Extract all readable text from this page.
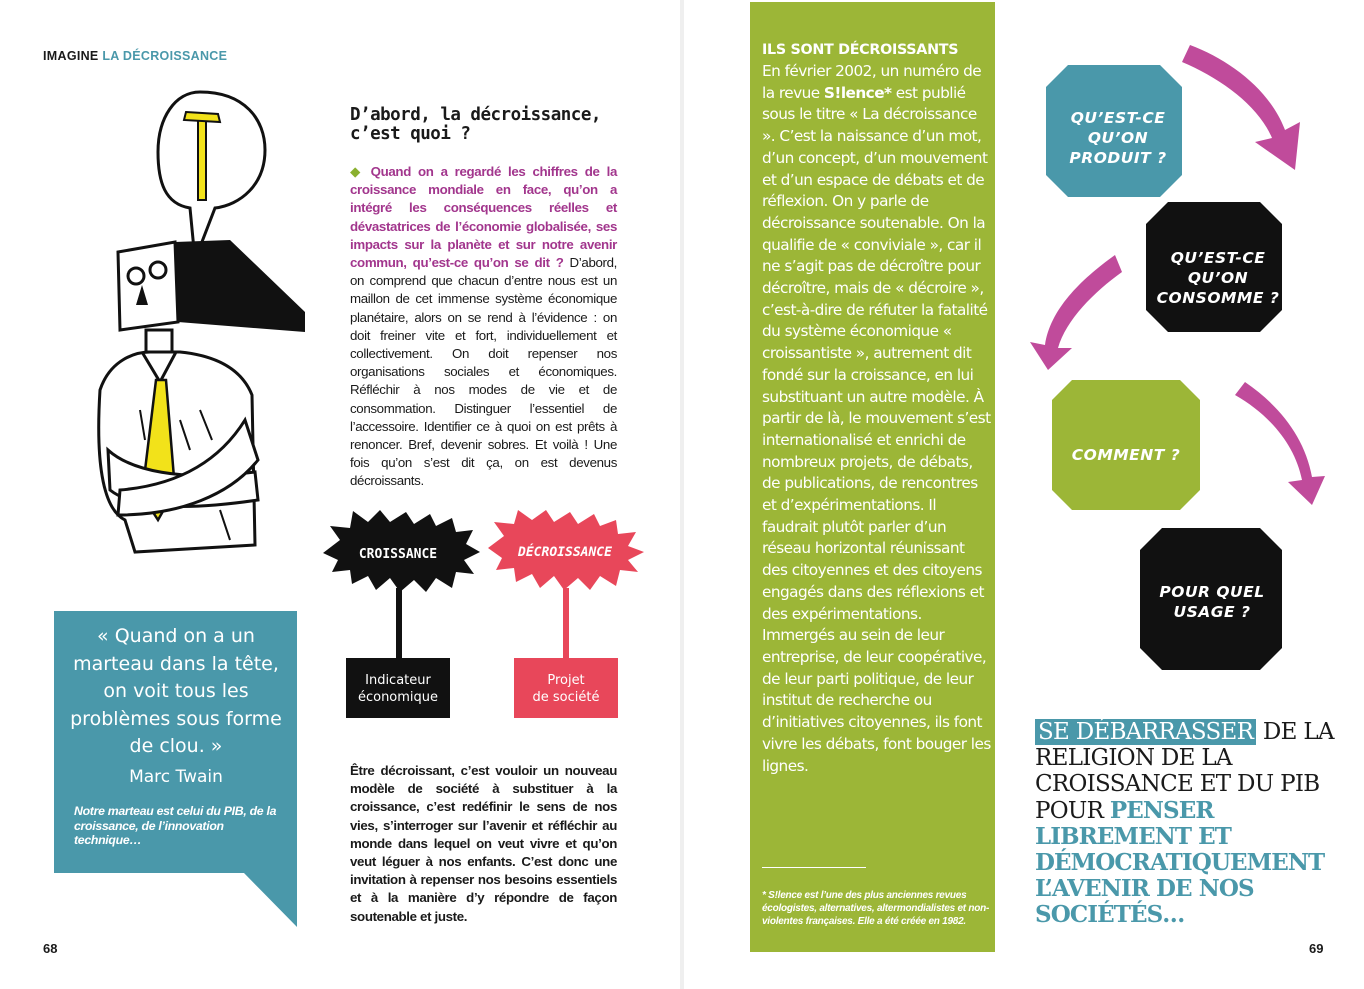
IMAGINE LA DÉCROISSANCE
D’abord, la décroissance,
c’est quoi ?
◆ Quand on a regardé les chiffres de la croissance mondiale en face, qu’on a intégré les conséquences réelles et dévastatrices de l’économie globalisée, ses impacts sur la planète et sur notre avenir commun, qu’est-ce qu’on se dit ? D’abord, on comprend que chacun d’entre nous est un maillon de cet immense système économique planétaire, alors on se rend à l’évidence : on doit freiner vite et fort, individuellement et collectivement. On doit repenser nos organisations sociales et économiques. Réfléchir à nos modes de vie et de consommation. Distinguer l’essentiel de l’accessoire. Identifier ce à quoi on est prêts à renoncer. Bref, devenir sobres. Et voilà ! Une fois qu’on s’est dit ça, on est devenus décroissants.
CROISSANCE	DÉCROISSANCE
Indicateur
économique
Projet
de société
Être décroissant, c’est vouloir un nouveau modèle de société à substituer à la croissance, c’est redéfinir le sens de nos vies, s’interroger sur l’avenir et réfléchir au monde dans lequel on veut vivre et qu’on veut léguer à nos enfants. C’est donc une invitation à repenser nos besoins essentiels et à la manière d’y répondre de façon soutenable et juste.
« Quand on a un marteau dans la tête, on voit tous les problèmes sous forme de clou. »
Marc Twain
Notre marteau est celui du PIB, de la croissance, de l’innovation technique…
68
ILS SONT DÉCROISSANTS
En février 2002, un numéro de la revue S!lence* est publié sous le titre « La décroissance ». C’est la naissance d’un mot, d’un concept, d’un mouvement et d’un espace de débats et de réflexion. On y parle de décroissance soutenable. On la qualifie de « conviviale », car il ne s’agit pas de décroître pour décroître, mais de « décroire », c’est-à-dire de réfuter la fatalité du système économique « croissantiste », autrement dit fondé sur la croissance, en lui substituant un autre modèle. À partir de là, le mouvement s’est internationalisé et enrichi de nombreux projets, de débats, de publications, de rencontres et d’expérimentations. Il faudrait plutôt parler d’un réseau horizontal réunissant des citoyennes et des citoyens engagés dans des réflexions et des expérimentations. Immergés au sein de leur entreprise, de leur coopérative, de leur parti politique, de leur institut de recherche ou d’initiatives citoyennes, ils font vivre les débats, font bouger les lignes.
* S!lence est l’une des plus anciennes revues écologistes, alternatives, altermondialistes et non-violentes françaises. Elle a été créée en 1982.
QU’EST-CE
QU’ON
PRODUIT ?
QU’EST-CE
QU’ON
CONSOMME ?
COMMENT ?
POUR QUEL
USAGE ?
SE DÉBARRASSER DE LA RELIGION DE LA CROISSANCE ET DU PIB POUR PENSER LIBREMENT ET DÉMOCRATIQUEMENT L’AVENIR DE NOS SOCIÉTÉS…
69
